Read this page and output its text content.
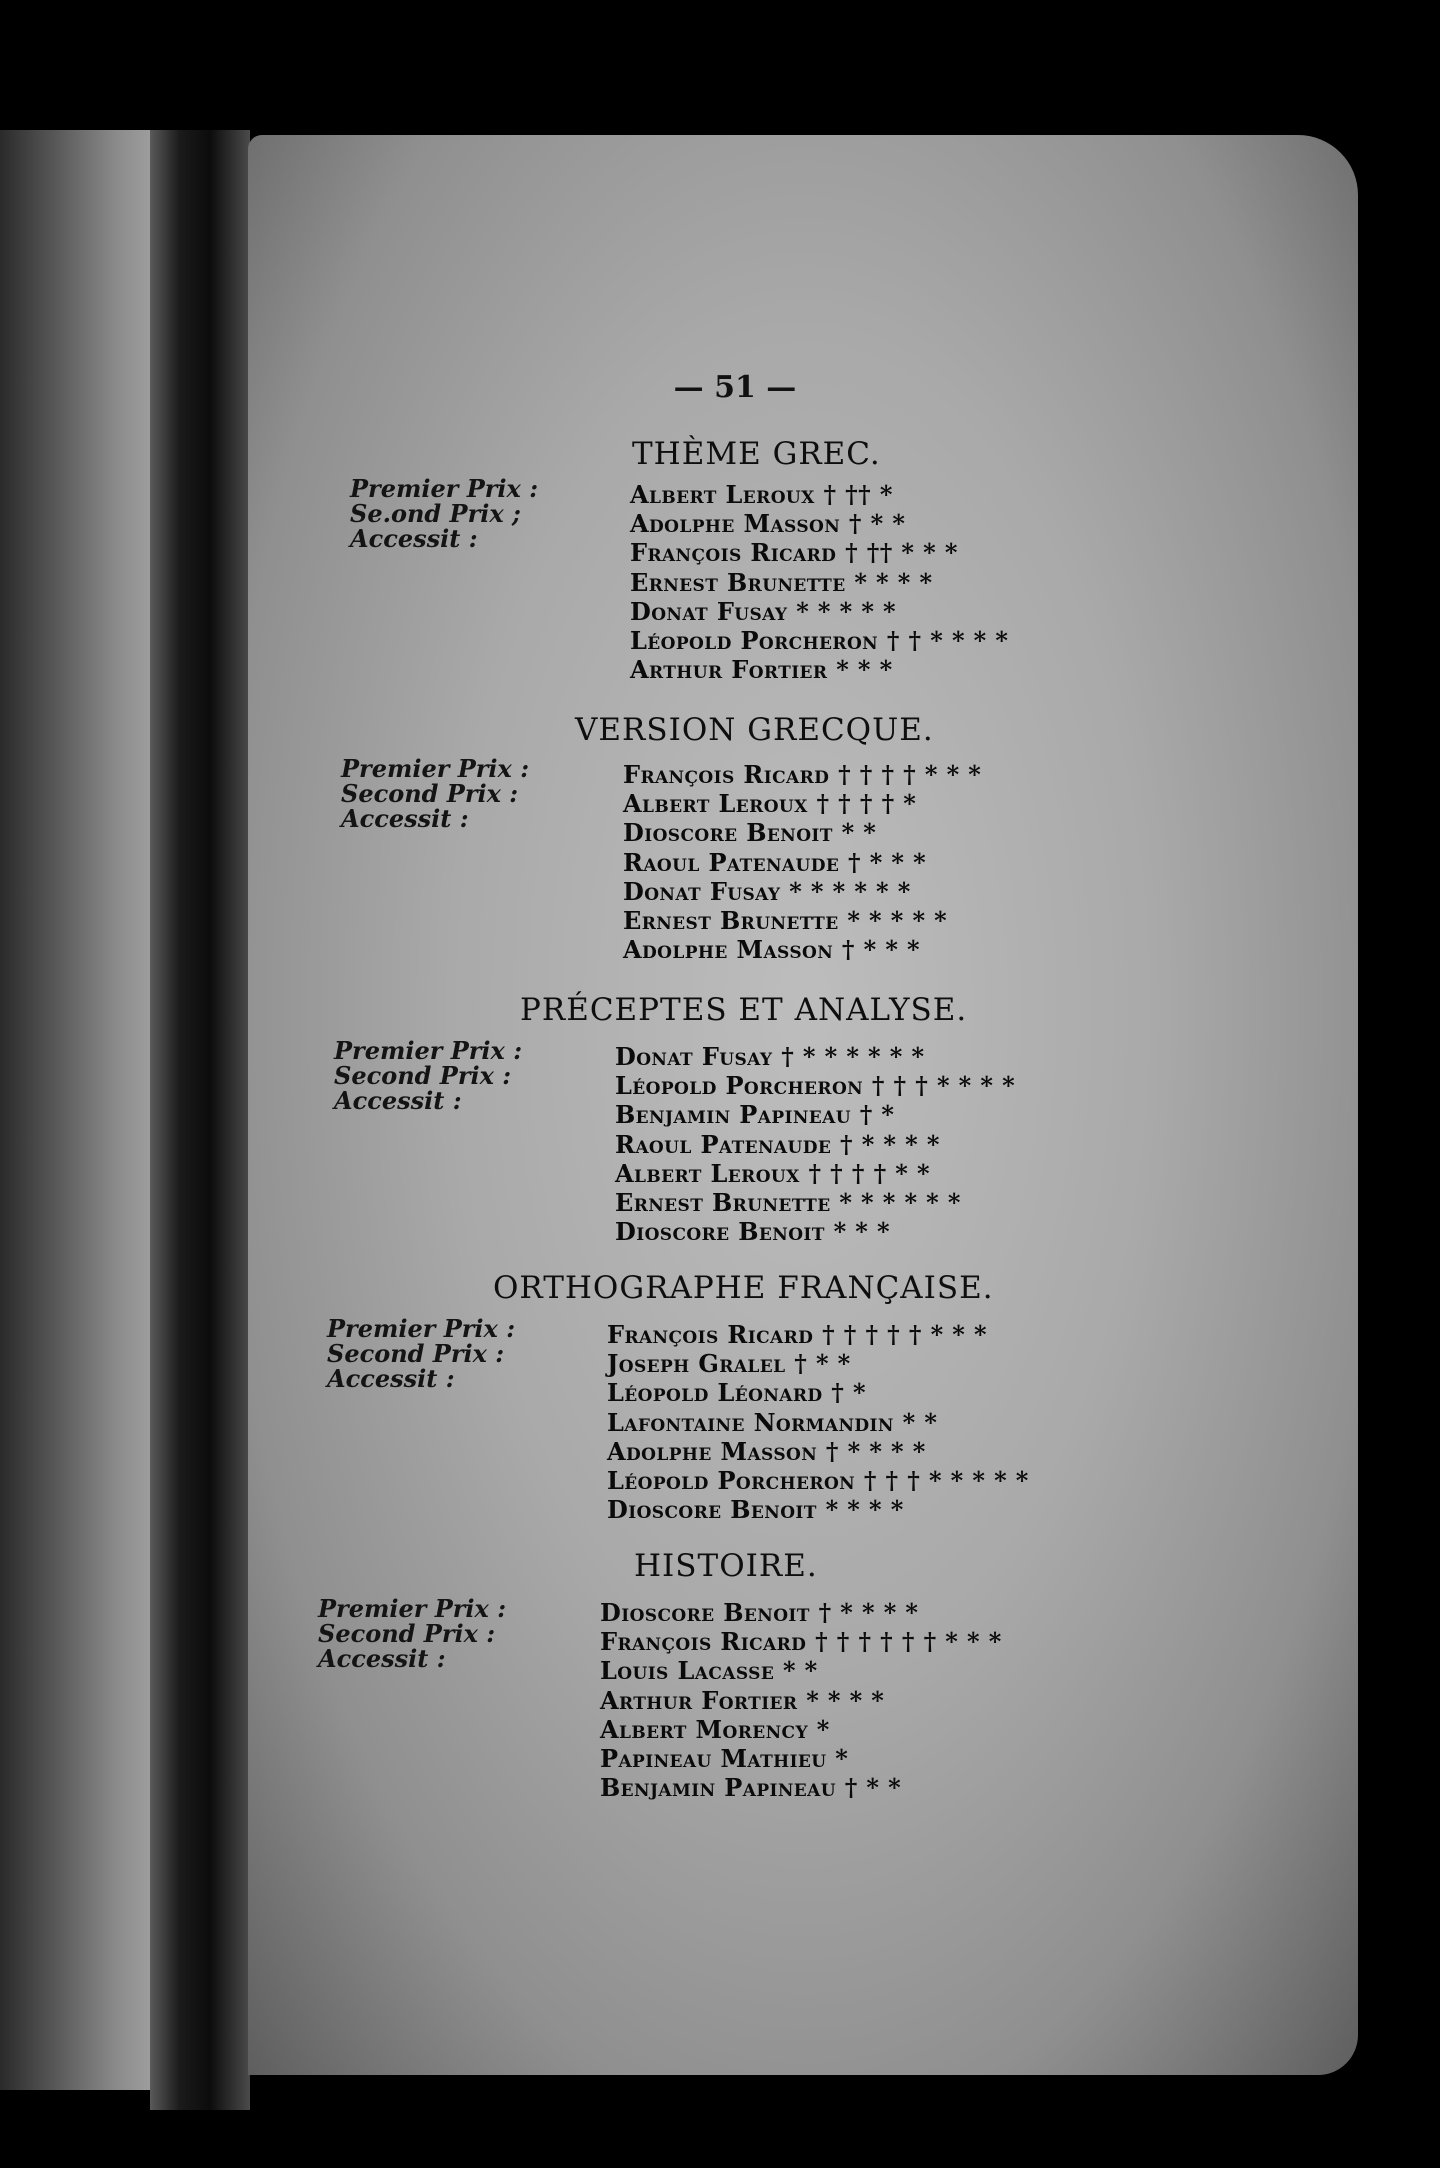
— 51 —
THÈME GREC.
Premier Prix :
Se.ond Prix ;
Accessit :
Albert Leroux † †† *
Adolphe Masson † * *
François Ricard † †† * * *
Ernest Brunette * * * *
Donat Fusay * * * * *
Léopold Porcheron † † * * * *
Arthur Fortier * * *
VERSION GRECQUE.
Premier Prix :
Second Prix :
Accessit :
François Ricard † † † † * * *
Albert Leroux † † † † *
Dioscore Benoit * *
Raoul Patenaude † * * *
Donat Fusay * * * * * *
Ernest Brunette * * * * *
Adolphe Masson † * * *
PRÉCEPTES ET ANALYSE.
Premier Prix :
Second Prix :
Accessit :
Donat Fusay † * * * * * *
Léopold Porcheron † † † * * * *
Benjamin Papineau † *
Raoul Patenaude † * * * *
Albert Leroux † † † † * *
Ernest Brunette * * * * * *
Dioscore Benoit * * *
ORTHOGRAPHE FRANÇAISE.
Premier Prix :
Second Prix :
Accessit :
François Ricard † † † † † * * *
Joseph Gralel † * *
Léopold Léonard † *
Lafontaine Normandin * *
Adolphe Masson † * * * *
Léopold Porcheron † † † * * * * *
Dioscore Benoit * * * *
HISTOIRE.
Premier Prix :
Second Prix :
Accessit :
Dioscore Benoit † * * * *
François Ricard † † † † † † * * *
Louis Lacasse * *
Arthur Fortier * * * *
Albert Morency *
Papineau Mathieu *
Benjamin Papineau † * *
